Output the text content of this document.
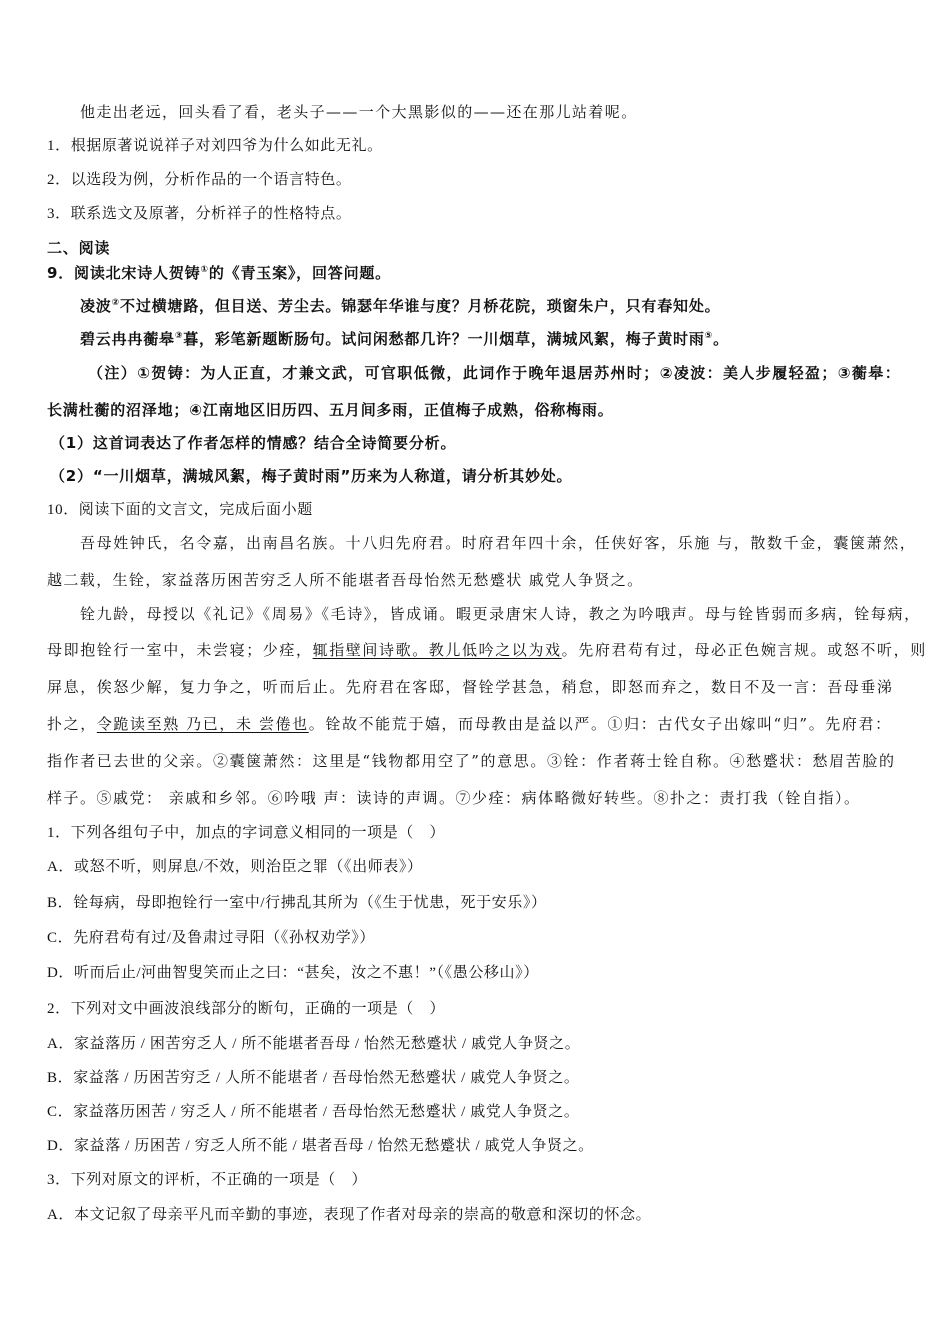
他走出老远，回头看了看，老头子——一个大黑影似的——还在那儿站着呢。
1．根据原著说说祥子对刘四爷为什么如此无礼。
2．以选段为例，分析作品的一个语言特色。
3．联系选文及原著，分析祥子的性格特点。
二、阅读
9．阅读北宋诗人贺铸①的《青玉案》，回答问题。
凌波②不过横塘路，但目送、芳尘去。锦瑟年华谁与度？月桥花院，琐窗朱户，只有春知处。
碧云冉冉蘅皋③暮，彩笔新题断肠句。试问闲愁都几许？一川烟草，满城风絮，梅子黄时雨⑤。
（注）①贺铸：为人正直，才兼文武，可官职低微，此词作于晚年退居苏州时；②凌波：美人步履轻盈；③蘅皋：
长满杜蘅的沼泽地；④江南地区旧历四、五月间多雨，正值梅子成熟，俗称梅雨。
（1）这首词表达了作者怎样的情感？结合全诗简要分析。
（2）“一川烟草，满城风絮，梅子黄时雨”历来为人称道，请分析其妙处。
10．阅读下面的文言文，完成后面小题
吾母姓钟氏，名令嘉，出南昌名族。十八归先府君。时府君年四十余，任侠好客，乐施 与，散数千金，囊箧萧然，
越二载，生铨，家益落历困苦穷乏人所不能堪者吾母怡然无愁蹙状 戚党人争贤之。
铨九龄，母授以《礼记》《周易》《毛诗》，皆成诵。暇更录唐宋人诗，教之为吟哦声。母与铨皆弱而多病，铨每病，
母即抱铨行一室中，未尝寝；少痊，辄指壁间诗歌。教儿低吟之以为戏。先府君苟有过，母必正色婉言规。或怒不听，则
屏息，俟怒少解，复力争之，听而后止。先府君在客邸，督铨学甚急，稍怠，即怒而弃之，数日不及一言：吾母垂涕
扑之，令跪读至熟 乃已，未 尝倦也。铨故不能荒于嬉，而母教由是益以严。①归：古代女子出嫁叫“归”。先府君：
指作者已去世的父亲。②囊箧萧然：这里是“钱物都用空了”的意思。③铨：作者蒋士铨自称。④愁蹙状：愁眉苦脸的
样子。⑤戚党： 亲戚和乡邻。⑥吟哦 声：读诗的声调。⑦少痊：病体略微好转些。⑧扑之：责打我（铨自指）。
1．下列各组句子中，加点的字词意义相同的一项是（　）
A．或怒不听，则屏息/不效，则治臣之罪（《出师表》）
B．铨每病，母即抱铨行一室中/行拂乱其所为（《生于忧患，死于安乐》）
C．先府君苟有过/及鲁肃过寻阳（《孙权劝学》）
D．听而后止/河曲智叟笑而止之曰：“甚矣，汝之不惠！”（《愚公移山》）
2．下列对文中画波浪线部分的断句，正确的一项是（　）
A．家益落历 / 困苦穷乏人 / 所不能堪者吾母 / 怡然无愁蹙状 / 戚党人争贤之。
B．家益落 / 历困苦穷乏 / 人所不能堪者 / 吾母怡然无愁蹙状 / 戚党人争贤之。
C．家益落历困苦 / 穷乏人 / 所不能堪者 / 吾母怡然无愁蹙状 / 戚党人争贤之。
D．家益落 / 历困苦 / 穷乏人所不能 / 堪者吾母 / 怡然无愁蹙状 / 戚党人争贤之。
3．下列对原文的评析，不正确的一项是（　）
A．本文记叙了母亲平凡而辛勤的事迹，表现了作者对母亲的崇高的敬意和深切的怀念。
